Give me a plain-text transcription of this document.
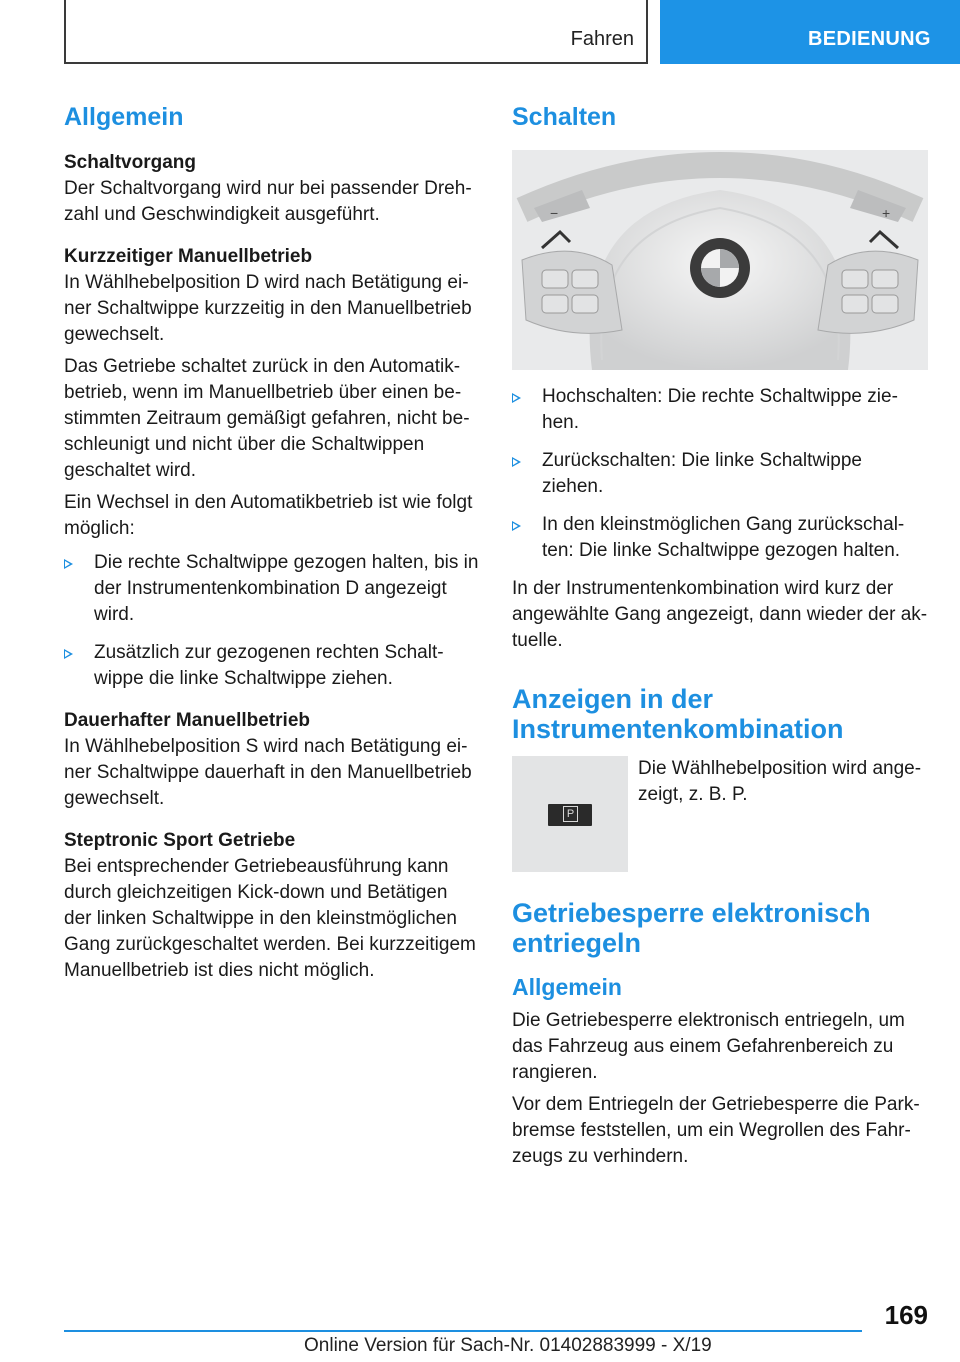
Fahren	BEDIENUNG
Allgemein
Schaltvorgang

Der Schaltvorgang wird nur bei passender Drehzahl und Geschwindigkeit ausgeführt.

Kurzzeitiger Manuellbetrieb

In Wählhebelposition D wird nach Betätigung einer Schaltwippe kurzzeitig in den Manuellbetrieb gewechselt.

Das Getriebe schaltet zurück in den Automatikbetrieb, wenn im Manuellbetrieb über einen bestimmten Zeitraum gemäßigt gefahren, nicht beschleunigt und nicht über die Schaltwippen geschaltet wird.

Ein Wechsel in den Automatikbetrieb ist wie folgt möglich:

Die rechte Schaltwippe gezogen halten, bis in der Instrumentenkombination D angezeigt wird.
Zusätzlich zur gezogenen rechten Schaltwippe die linke Schaltwippe ziehen.
Dauerhafter Manuellbetrieb

In Wählhebelposition S wird nach Betätigung einer Schaltwippe dauerhaft in den Manuellbetrieb gewechselt.

Steptronic Sport Getriebe

Bei entsprechender Getriebeausführung kann durch gleichzeitigen Kick-down und Betätigen der linken Schaltwippe in den kleinstmöglichen Gang zurückgeschaltet werden. Bei kurzzeitigem Manuellbetrieb ist dies nicht möglich.

Schalten
−	+
Hochschalten: Die rechte Schaltwippe ziehen.
Zurückschalten: Die linke Schaltwippe ziehen.
In den kleinstmöglichen Gang zurückschalten: Die linke Schaltwippe gezogen halten.

In der Instrumentenkombination wird kurz der angewählte Gang angezeigt, dann wieder der aktuelle.

Anzeigen in der Instrumentenkombination
P

Die Wählhebelposition wird angezeigt, z. B. P.

Getriebesperre elektronisch entriegeln
Allgemein

Die Getriebesperre elektronisch entriegeln, um das Fahrzeug aus einem Gefahrenbereich zu rangieren.

Vor dem Entriegeln der Getriebesperre die Parkbremse feststellen, um ein Wegrollen des Fahrzeugs zu verhindern.

169
Online Version für Sach-Nr. 01402883999 - X/19
